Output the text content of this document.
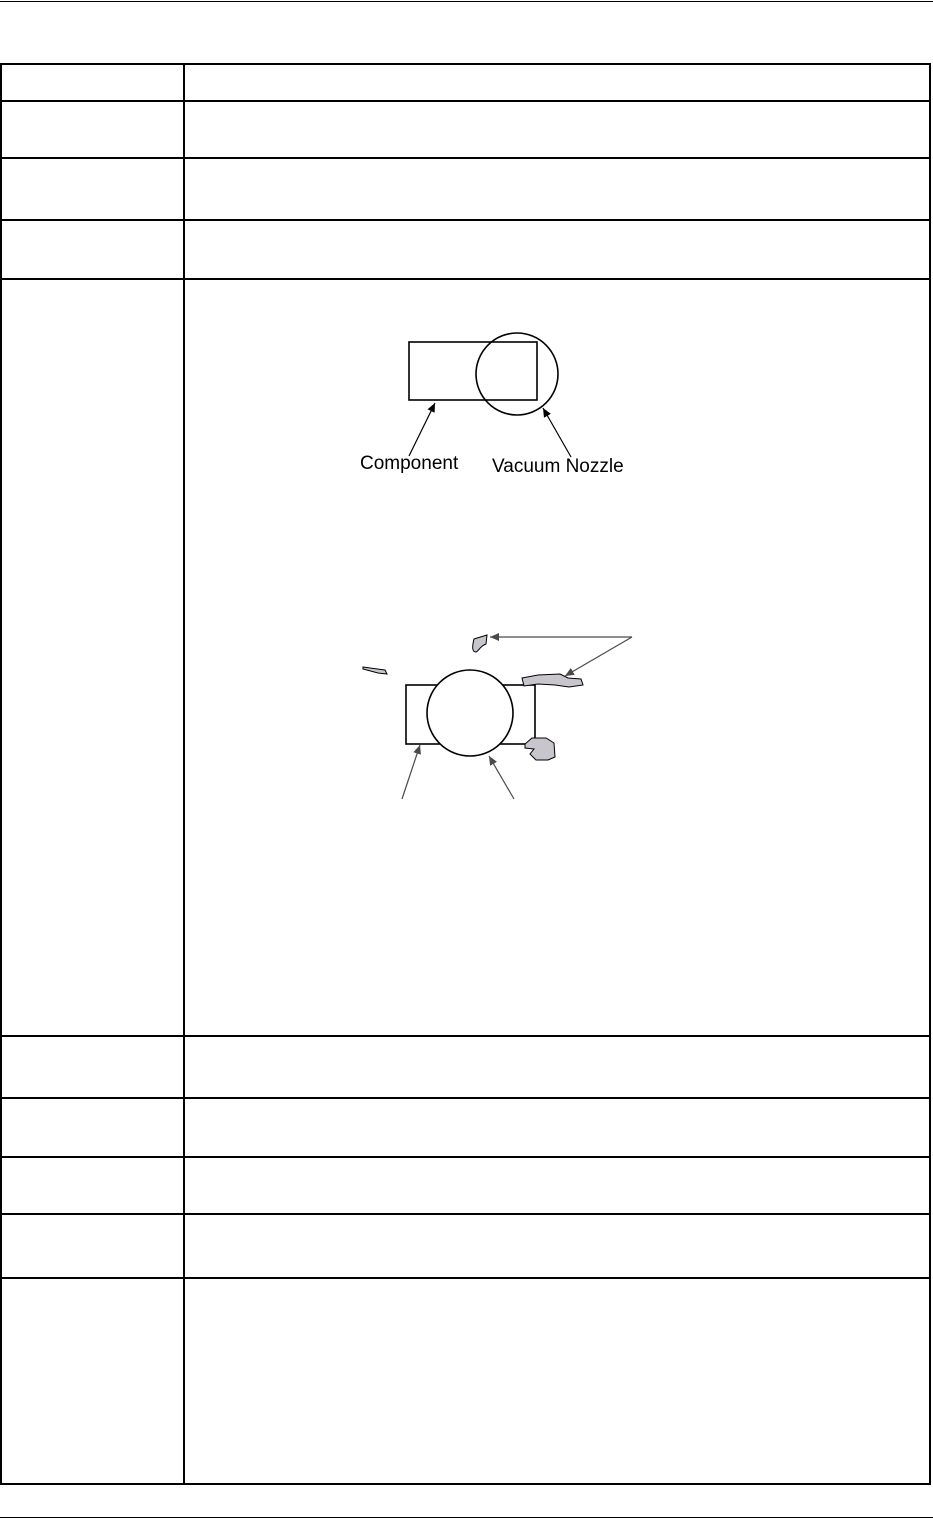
Component Vacuum Nozzle
